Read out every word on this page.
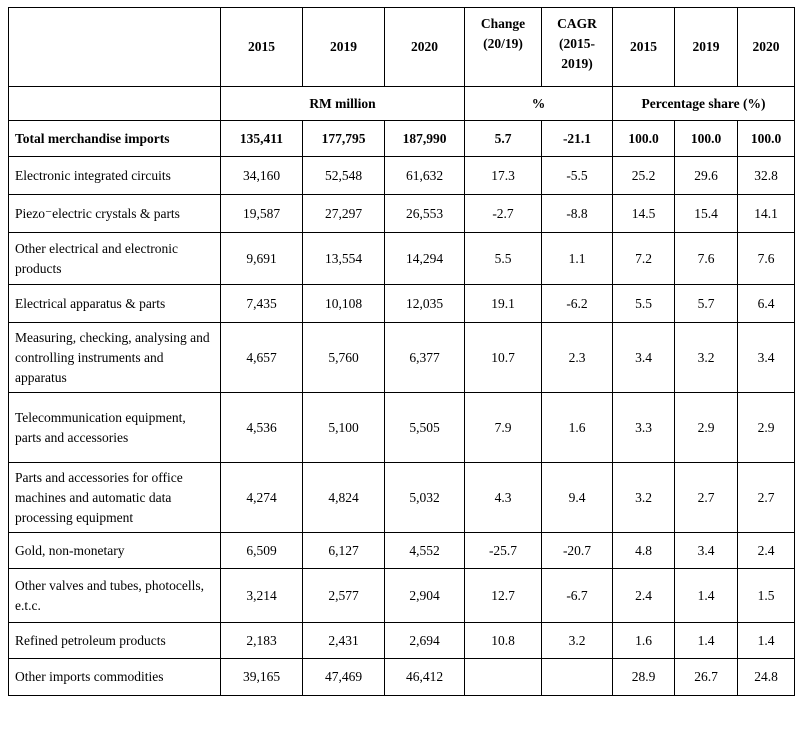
	2015	2019	2020	Change (20/19)	CAGR (2015-2019)	2015	2019	2020
	RM million			%		Percentage share (%)		
Total merchandise imports	135,411	177,795	187,990	5.7	-21.1	100.0	100.0	100.0
Electronic integrated circuits	34,160	52,548	61,632	17.3	-5.5	25.2	29.6	32.8
Piezo⁻electric crystals & parts	19,587	27,297	26,553	-2.7	-8.8	14.5	15.4	14.1
Other electrical and electronic products	9,691	13,554	14,294	5.5	1.1	7.2	7.6	7.6
Electrical apparatus & parts	7,435	10,108	12,035	19.1	-6.2	5.5	5.7	6.4
Measuring, checking, analysing and controlling instruments and apparatus	4,657	5,760	6,377	10.7	2.3	3.4	3.2	3.4
Telecommunication equipment, parts and accessories	4,536	5,100	5,505	7.9	1.6	3.3	2.9	2.9
Parts and accessories for office machines and automatic data processing equipment	4,274	4,824	5,032	4.3	9.4	3.2	2.7	2.7
Gold, non-monetary	6,509	6,127	4,552	-25.7	-20.7	4.8	3.4	2.4
Other valves and tubes, photocells, e.t.c.	3,214	2,577	2,904	12.7	-6.7	2.4	1.4	1.5
Refined petroleum products	2,183	2,431	2,694	10.8	3.2	1.6	1.4	1.4
Other imports commodities	39,165	47,469	46,412			28.9	26.7	24.8
